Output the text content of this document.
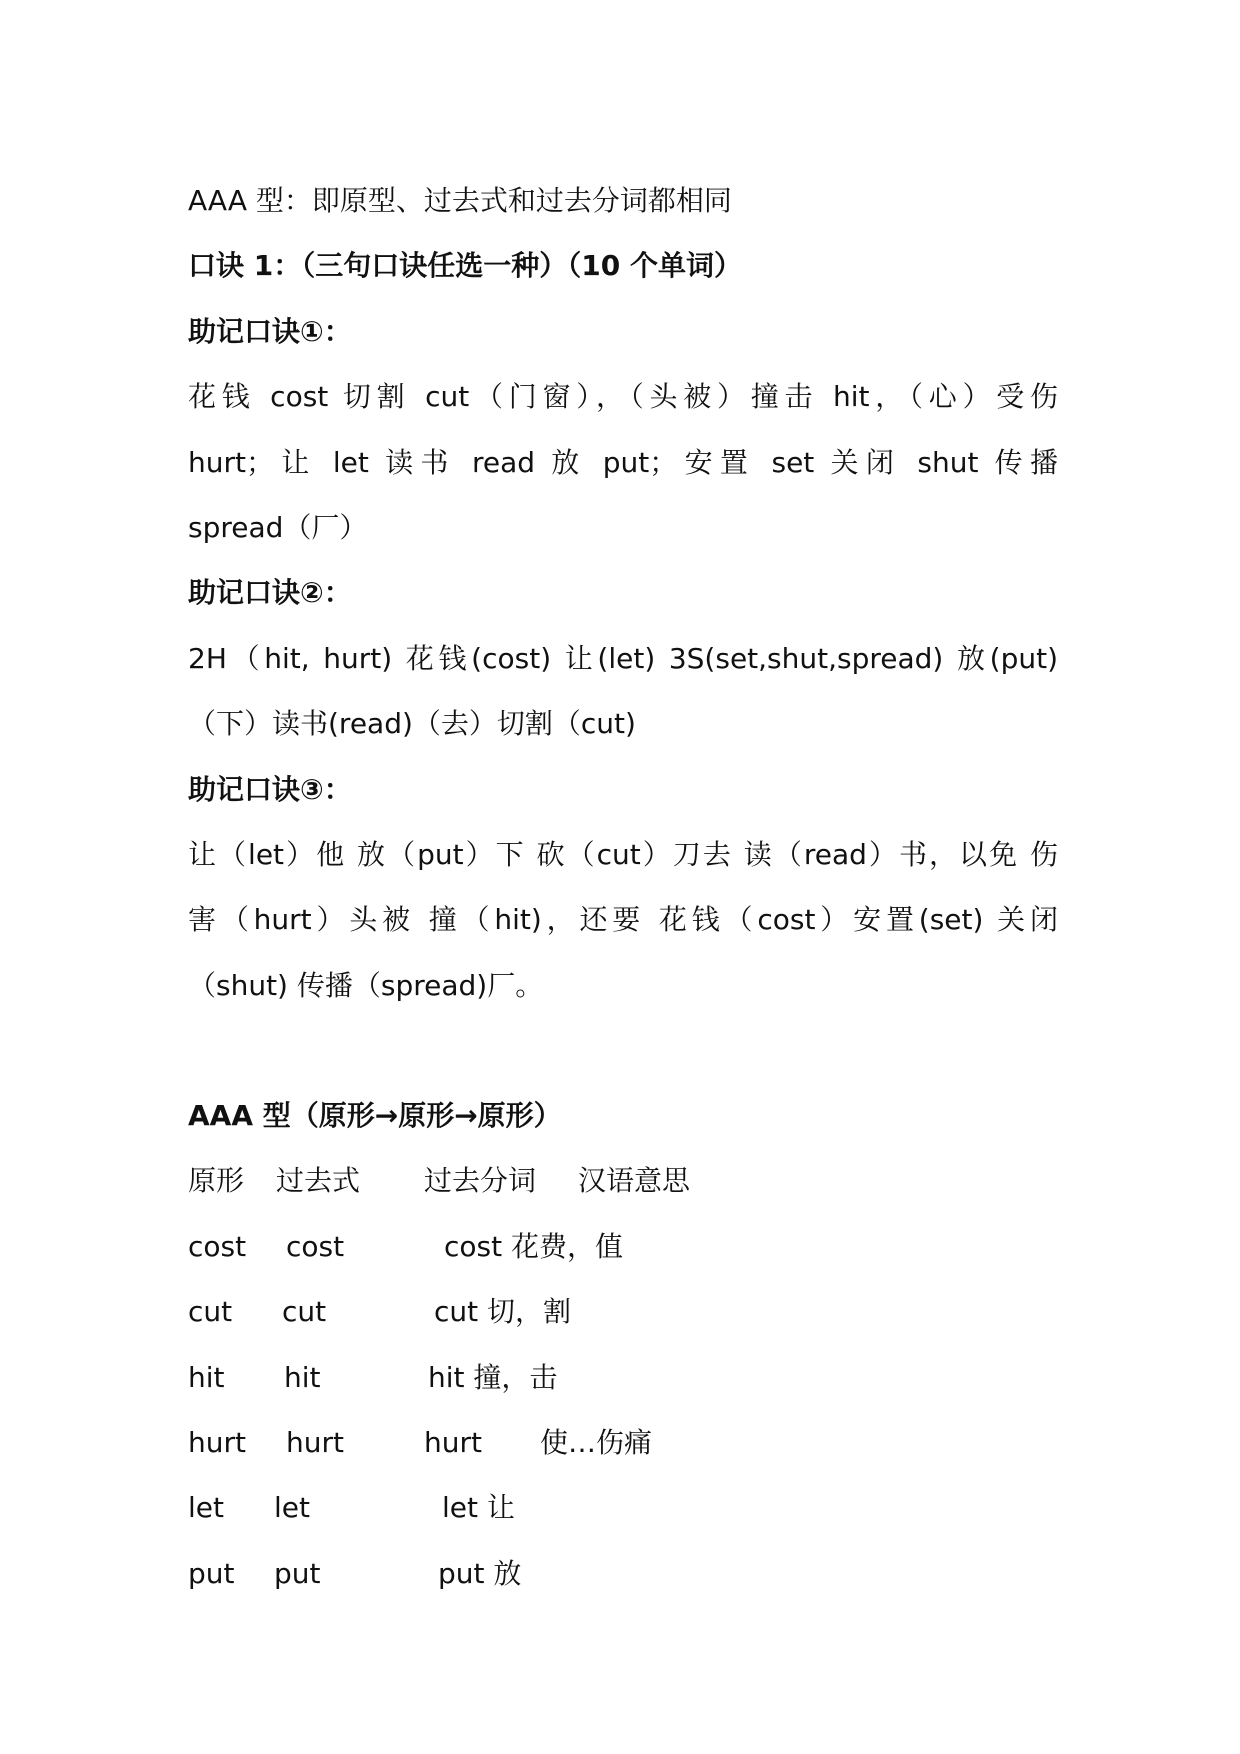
AAA 型：即原型、过去式和过去分词都相同
口诀 1：（三句口诀任选一种）（10 个单词）
助记口诀①：
花钱 cost 切割 cut（门窗），（头被）撞击 hit，（心）受伤
hurt；让 let 读书 read 放 put；安置 set 关闭 shut 传播
spread（厂）
助记口诀②：
2H（hit, hurt) 花钱(cost) 让(let) 3S(set,shut,spread) 放(put)
（下）读书(read)（去）切割（cut)
助记口诀③：
让（let）他 放（put）下 砍（cut）刀去 读（read）书，以免 伤
害（hurt）头被 撞（hit)，还要 花钱（cost）安置(set) 关闭
（shut) 传播（spread)厂。
AAA 型（原形→原形→原形）
原形 过去式 过去分词 汉语意思
cost cost	cost 花费，值
cut cut	cut 切，割
hit hit	hit 撞，击
hurt hurt	hurt 使…伤痛
let let	let 让
put put	put 放
